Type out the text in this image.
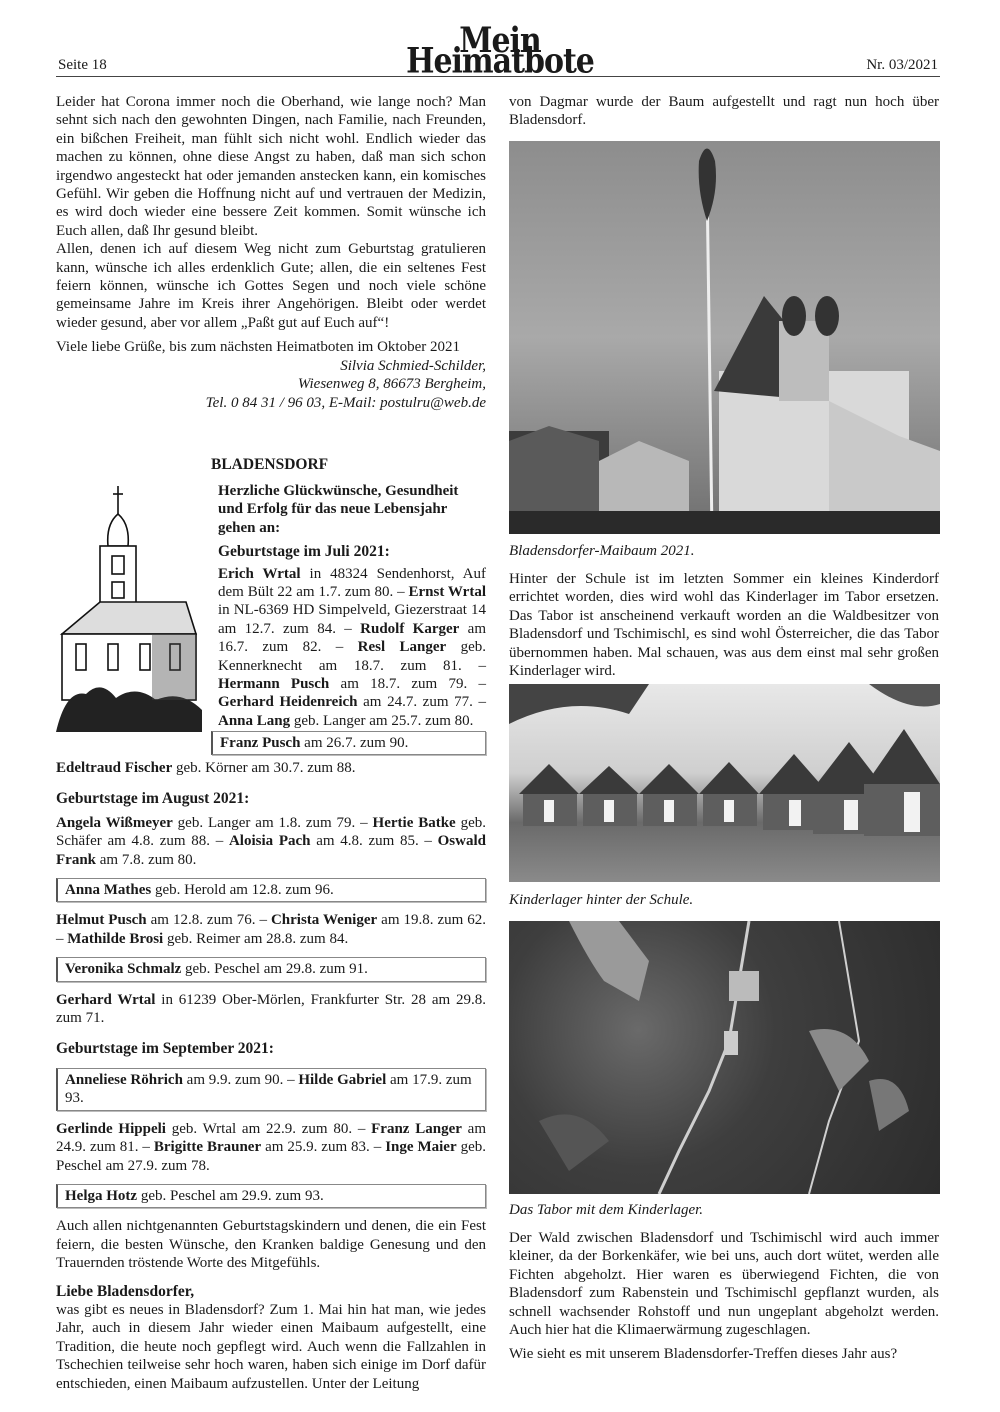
Seite 18
Mein Heimatbote	Nr. 03/2021

Leider hat Corona immer noch die Oberhand, wie lange noch? Man sehnt sich nach den gewohnten Dingen, nach Familie, nach Freunden, ein bißchen Freiheit, man fühlt sich nicht wohl. Endlich wieder das machen zu können, ohne diese Angst zu haben, daß man sich schon irgendwo angesteckt hat oder jemanden anstecken kann, ein komisches Gefühl. Wir geben die Hoffnung nicht auf und vertrauen der Medizin, es wird doch wieder eine bessere Zeit kommen. Somit wünsche ich Euch allen, daß Ihr gesund bleibt.

Allen, denen ich auf diesem Weg nicht zum Geburtstag gratulieren kann, wünsche ich alles erdenklich Gute; allen, die ein seltenes Fest feiern können, wünsche ich Gottes Segen und noch viele schöne gemeinsame Jahre im Kreis ihrer Angehörigen. Bleibt oder werdet wieder gesund, aber vor allem „Paßt gut auf Euch auf“!

Viele liebe Grüße, bis zum nächsten Heimatboten im Oktober 2021

Silvia Schmied-Schilder,

Wiesenweg 8, 86673 Bergheim,

Tel. 0 84 31 / 96 03, E-Mail: postulru@web.de

BLADENSDORF

Herzliche Glückwünsche, Gesundheit und Erfolg für das neue Lebensjahr gehen an:

Geburtstage im Juli 2021:

Erich Wrtal in 48324 Sendenhorst, Auf dem Bült 22 am 1.7. zum 80. – Ernst Wrtal in NL-6369 HD Simpelveld, Giezerstraat 14 am 12.7. zum 84. – Rudolf Karger am 16.7. zum 82. – Resl Langer geb. Kennerknecht am 18.7. zum 81. – Hermann Pusch am 18.7. zum 79. – Gerhard Heidenreich am 24.7. zum 77. – Anna Lang geb. Langer am 25.7. zum 80.

Franz Pusch am 26.7. zum 90.

Edeltraud Fischer geb. Körner am 30.7. zum 88.

Geburtstage im August 2021:

Angela Wißmeyer geb. Langer am 1.8. zum 79. – Hertie Batke geb. Schäfer am 4.8. zum 88. – Aloisia Pach am 4.8. zum 85. – Oswald Frank am 7.8. zum 80.

Anna Mathes geb. Herold am 12.8. zum 96.

Helmut Pusch am 12.8. zum 76. – Christa Weniger am 19.8. zum 62. – Mathilde Brosi geb. Reimer am 28.8. zum 84.

Veronika Schmalz geb. Peschel am 29.8. zum 91.

Gerhard Wrtal in 61239 Ober-Mörlen, Frankfurter Str. 28 am 29.8. zum 71.

Geburtstage im September 2021:
Anneliese Röhrich am 9.9. zum 90. – Hilde Gabriel am 17.9. zum 93.

Gerlinde Hippeli geb. Wrtal am 22.9. zum 80. – Franz Langer am 24.9. zum 81. – Brigitte Brauner am 25.9. zum 83. – Inge Maier geb. Peschel am 27.9. zum 78.

Helga Hotz geb. Peschel am 29.9. zum 93.

Auch allen nichtgenannten Geburtstagskindern und denen, die ein Fest feiern, die besten Wünsche, den Kranken baldige Genesung und den Trauernden tröstende Worte des Mitgefühls.

Liebe Bladensdorfer,

was gibt es neues in Bladensdorf? Zum 1. Mai hin hat man, wie jedes Jahr, auch in diesem Jahr wieder einen Maibaum aufgestellt, eine Tradition, die heute noch gepflegt wird. Auch wenn die Fallzahlen in Tschechien teilweise sehr hoch waren, haben sich einige im Dorf dafür entschieden, einen Maibaum aufzustellen. Unter der Leitung

von Dagmar wurde der Baum aufgestellt und ragt nun hoch über Bladensdorf.

Bladensdorfer-Maibaum 2021.

Hinter der Schule ist im letzten Sommer ein kleines Kinderdorf errichtet worden, dies wird wohl das Kinderlager im Tabor ersetzen. Das Tabor ist anscheinend verkauft worden an die Waldbesitzer von Bladensdorf und Tschimischl, es sind wohl Österreicher, die das Tabor übernommen haben. Mal schauen, was aus dem einst mal sehr großen Kinderlager wird.

Kinderlager hinter der Schule.
Das Tabor mit dem Kinderlager.

Der Wald zwischen Bladensdorf und Tschimischl wird auch immer kleiner, da der Borkenkäfer, wie bei uns, auch dort wütet, werden alle Fichten abgeholzt. Hier waren es überwiegend Fichten, die von Bladensdorf zum Rabenstein und Tschimischl gepflanzt wurden, als schnell wachsender Rohstoff und nun ungeplant abgeholzt werden. Auch hier hat die Klimaerwärmung zugeschlagen.

Wie sieht es mit unserem Bladensdorfer-Treffen dieses Jahr aus?
